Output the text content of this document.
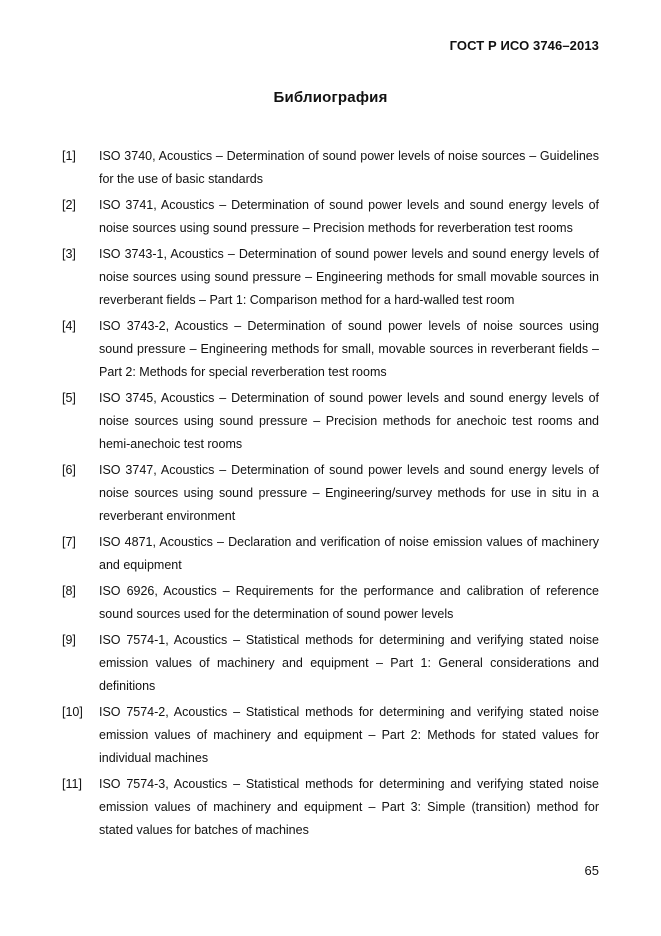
ГОСТ Р ИСО 3746–2013
Библиография
[1]	ISO 3740, Acoustics – Determination of sound power levels of noise sources – Guidelines for the use of basic standards
[2]	ISO 3741, Acoustics – Determination of sound power levels and sound energy levels of noise sources using sound pressure – Precision methods for reverberation test rooms
[3]	ISO 3743-1, Acoustics – Determination of sound power levels and sound energy levels of noise sources using sound pressure – Engineering methods for small movable sources in reverberant fields – Part 1: Comparison method for a hard-walled test room
[4]	ISO 3743-2, Acoustics – Determination of sound power levels of noise sources using sound pressure – Engineering methods for small, movable sources in reverberant fields – Part 2: Methods for special reverberation test rooms
[5]	ISO 3745, Acoustics – Determination of sound power levels and sound energy levels of noise sources using sound pressure – Precision methods for anechoic test rooms and hemi-anechoic test rooms
[6]	ISO 3747, Acoustics – Determination of sound power levels and sound energy levels of noise sources using sound pressure – Engineering/survey methods for use in situ in a reverberant environment
[7]	ISO 4871, Acoustics – Declaration and verification of noise emission values of machinery and equipment
[8]	ISO 6926, Acoustics – Requirements for the performance and calibration of reference sound sources used for the determination of sound power levels
[9]	ISO 7574-1, Acoustics – Statistical methods for determining and verifying stated noise emission values of machinery and equipment – Part 1: General considerations and definitions
[10]	ISO 7574-2, Acoustics – Statistical methods for determining and verifying stated noise emission values of machinery and equipment – Part 2: Methods for stated values for individual machines
[11]	ISO 7574-3, Acoustics – Statistical methods for determining and verifying stated noise emission values of machinery and equipment – Part 3: Simple (transition) method for stated values for batches of machines
65
